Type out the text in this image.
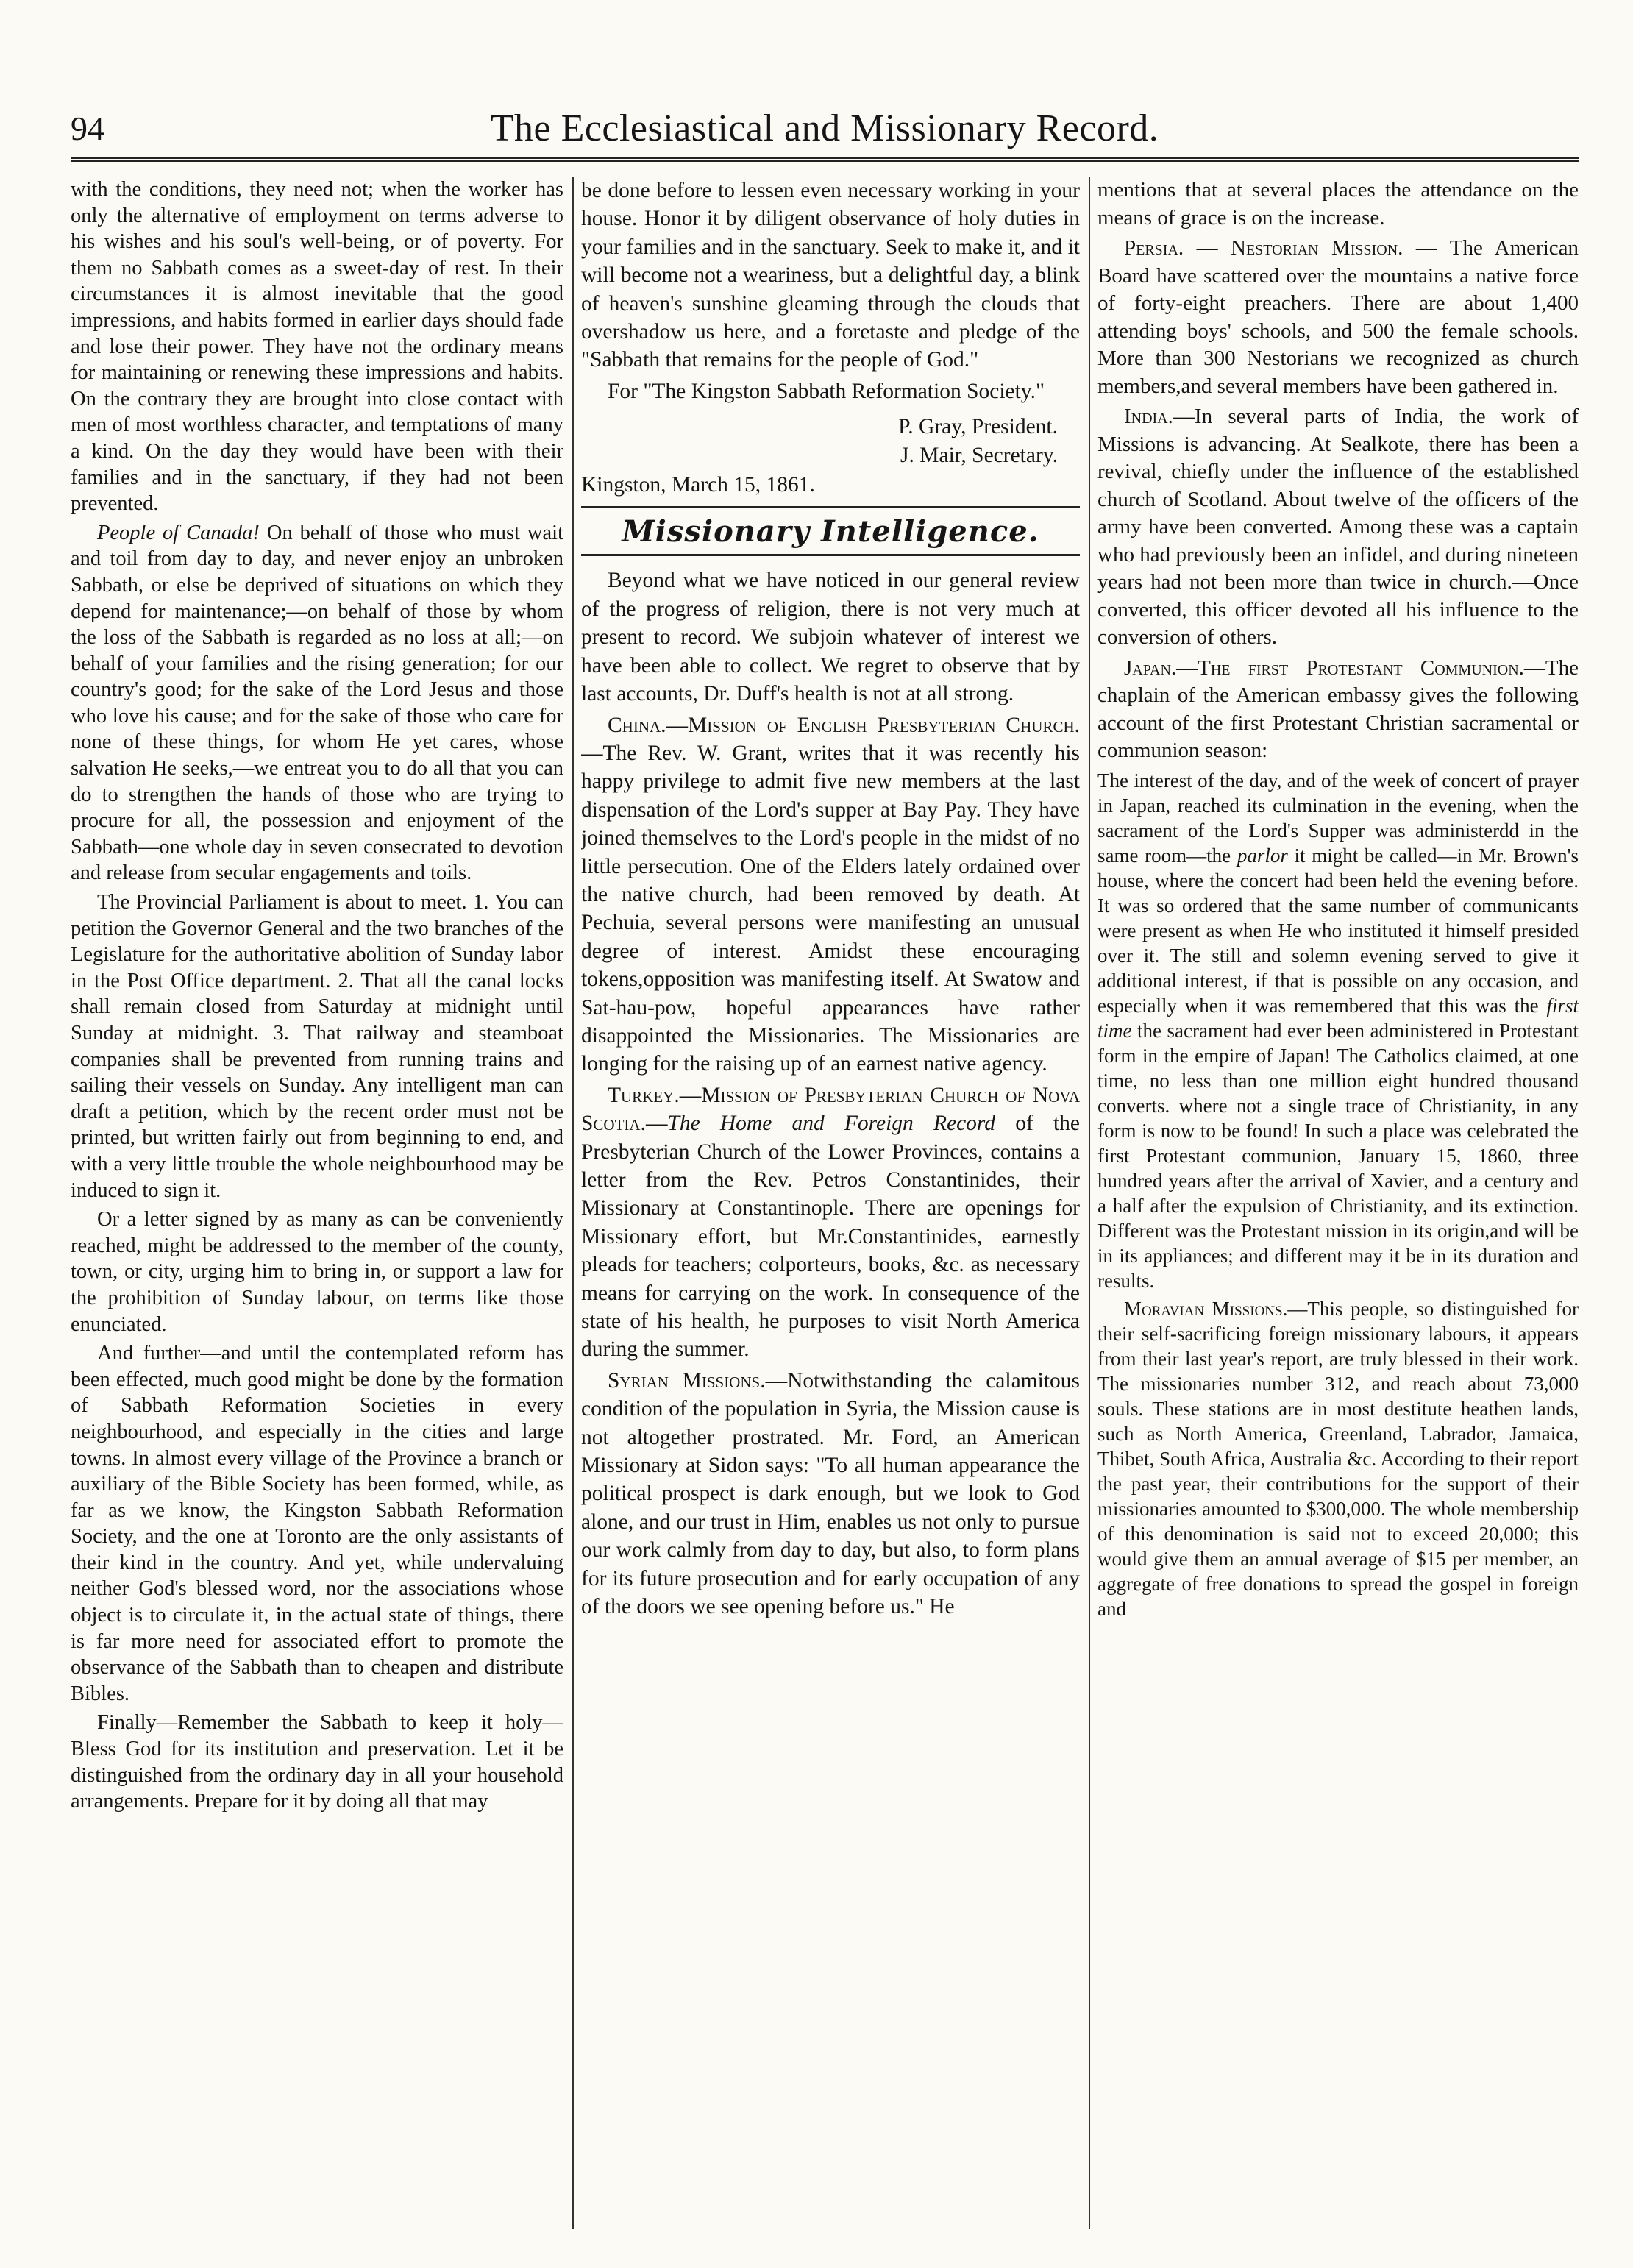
94	The Ecclesiastical and Missionary Record.

with the conditions, they need not; when the worker has only the alternative of employment on terms adverse to his wishes and his soul's well-being, or of poverty. For them no Sabbath comes as a sweet-day of rest. In their circumstances it is almost inevitable that the good impressions, and habits formed in earlier days should fade and lose their power. They have not the ordinary means for maintaining or renewing these impressions and habits. On the contrary they are brought into close contact with men of most worthless character, and temptations of many a kind. On the day they would have been with their families and in the sanctuary, if they had not been prevented.

People of Canada! On behalf of those who must wait and toil from day to day, and never enjoy an unbroken Sabbath, or else be deprived of situations on which they depend for maintenance;—on behalf of those by whom the loss of the Sabbath is regarded as no loss at all;—on behalf of your families and the rising generation; for our country's good; for the sake of the Lord Jesus and those who love his cause; and for the sake of those who care for none of these things, for whom He yet cares, whose salvation He seeks,—we entreat you to do all that you can do to strengthen the hands of those who are trying to procure for all, the possession and enjoyment of the Sabbath—one whole day in seven consecrated to devotion and release from secular engagements and toils.

The Provincial Parliament is about to meet. 1. You can petition the Governor General and the two branches of the Legislature for the authoritative abolition of Sunday labor in the Post Office department. 2. That all the canal locks shall remain closed from Saturday at midnight until Sunday at midnight. 3. That railway and steamboat companies shall be prevented from running trains and sailing their vessels on Sunday. Any intelligent man can draft a petition, which by the recent order must not be printed, but written fairly out from beginning to end, and with a very little trouble the whole neighbourhood may be induced to sign it.

Or a letter signed by as many as can be conveniently reached, might be addressed to the member of the county, town, or city, urging him to bring in, or support a law for the prohibition of Sunday labour, on terms like those enunciated.

And further—and until the contemplated reform has been effected, much good might be done by the formation of Sabbath Reformation Societies in every neighbourhood, and especially in the cities and large towns. In almost every village of the Province a branch or auxiliary of the Bible Society has been formed, while, as far as we know, the Kingston Sabbath Reformation Society, and the one at Toronto are the only assistants of their kind in the country. And yet, while undervaluing neither God's blessed word, nor the associations whose object is to circulate it, in the actual state of things, there is far more need for associated effort to promote the observance of the Sabbath than to cheapen and distribute Bibles.

Finally—Remember the Sabbath to keep it holy—Bless God for its institution and preservation. Let it be distinguished from the ordinary day in all your household arrangements. Prepare for it by doing all that may

be done before to lessen even necessary working in your house. Honor it by diligent observance of holy duties in your families and in the sanctuary. Seek to make it, and it will become not a weariness, but a delightful day, a blink of heaven's sunshine gleaming through the clouds that overshadow us here, and a foretaste and pledge of the "Sabbath that remains for the people of God."

For "The Kingston Sabbath Reformation Society."

P. Gray, President.

J. Mair, Secretary.

Kingston, March 15, 1861.

Missionary Intelligence.

Beyond what we have noticed in our general review of the progress of religion, there is not very much at present to record. We subjoin whatever of interest we have been able to collect. We regret to observe that by last accounts, Dr. Duff's health is not at all strong.

China.—Mission of English Presbyterian Church.—The Rev. W. Grant, writes that it was recently his happy privilege to admit five new members at the last dispensation of the Lord's supper at Bay Pay. They have joined themselves to the Lord's people in the midst of no little persecution. One of the Elders lately ordained over the native church, had been removed by death. At Pechuia, several persons were manifesting an unusual degree of interest. Amidst these encouraging tokens,opposition was manifesting itself. At Swatow and Sat-hau-pow, hopeful appearances have rather disappointed the Missionaries. The Missionaries are longing for the raising up of an earnest native agency.

Turkey.—Mission of Presbyterian Church of Nova Scotia.—The Home and Foreign Record of the Presbyterian Church of the Lower Provinces, contains a letter from the Rev. Petros Constantinides, their Missionary at Constantinople. There are openings for Missionary effort, but Mr.Constantinides, earnestly pleads for teachers; colporteurs, books, &c. as necessary means for carrying on the work. In consequence of the state of his health, he purposes to visit North America during the summer.

Syrian Missions.—Notwithstanding the calamitous condition of the population in Syria, the Mission cause is not altogether prostrated. Mr. Ford, an American Missionary at Sidon says: "To all human appearance the political prospect is dark enough, but we look to God alone, and our trust in Him, enables us not only to pursue our work calmly from day to day, but also, to form plans for its future prosecution and for early occupation of any of the doors we see opening before us." He

mentions that at several places the attendance on the means of grace is on the increase.

Persia. — Nestorian Mission. — The American Board have scattered over the mountains a native force of forty-eight preachers. There are about 1,400 attending boys' schools, and 500 the female schools. More than 300 Nestorians we recognized as church members,and several members have been gathered in.

India.—In several parts of India, the work of Missions is advancing. At Sealkote, there has been a revival, chiefly under the influence of the established church of Scotland. About twelve of the officers of the army have been converted. Among these was a captain who had previously been an infidel, and during nineteen years had not been more than twice in church.—Once converted, this officer devoted all his influence to the conversion of others.

Japan.—The first Protestant Communion.—The chaplain of the American embassy gives the following account of the first Protestant Christian sacramental or communion season:

The interest of the day, and of the week of concert of prayer in Japan, reached its culmination in the evening, when the sacrament of the Lord's Supper was administerdd in the same room—the parlor it might be called—in Mr. Brown's house, where the concert had been held the evening before. It was so ordered that the same number of communicants were present as when He who instituted it himself presided over it. The still and solemn evening served to give it additional interest, if that is possible on any occasion, and especially when it was remembered that this was the first time the sacrament had ever been administered in Protestant form in the empire of Japan! The Catholics claimed, at one time, no less than one million eight hundred thousand converts. where not a single trace of Christianity, in any form is now to be found! In such a place was celebrated the first Protestant communion, January 15, 1860, three hundred years after the arrival of Xavier, and a century and a half after the expulsion of Christianity, and its extinction. Different was the Protestant mission in its origin,and will be in its appliances; and different may it be in its duration and results.

Moravian Missions.—This people, so distinguished for their self-sacrificing foreign missionary labours, it appears from their last year's report, are truly blessed in their work. The missionaries number 312, and reach about 73,000 souls. These stations are in most destitute heathen lands, such as North America, Greenland, Labrador, Jamaica, Thibet, South Africa, Australia &c. According to their report the past year, their contributions for the support of their missionaries amounted to $300,000. The whole membership of this denomination is said not to exceed 20,000; this would give them an annual average of $15 per member, an aggregate of free donations to spread the gospel in foreign and
